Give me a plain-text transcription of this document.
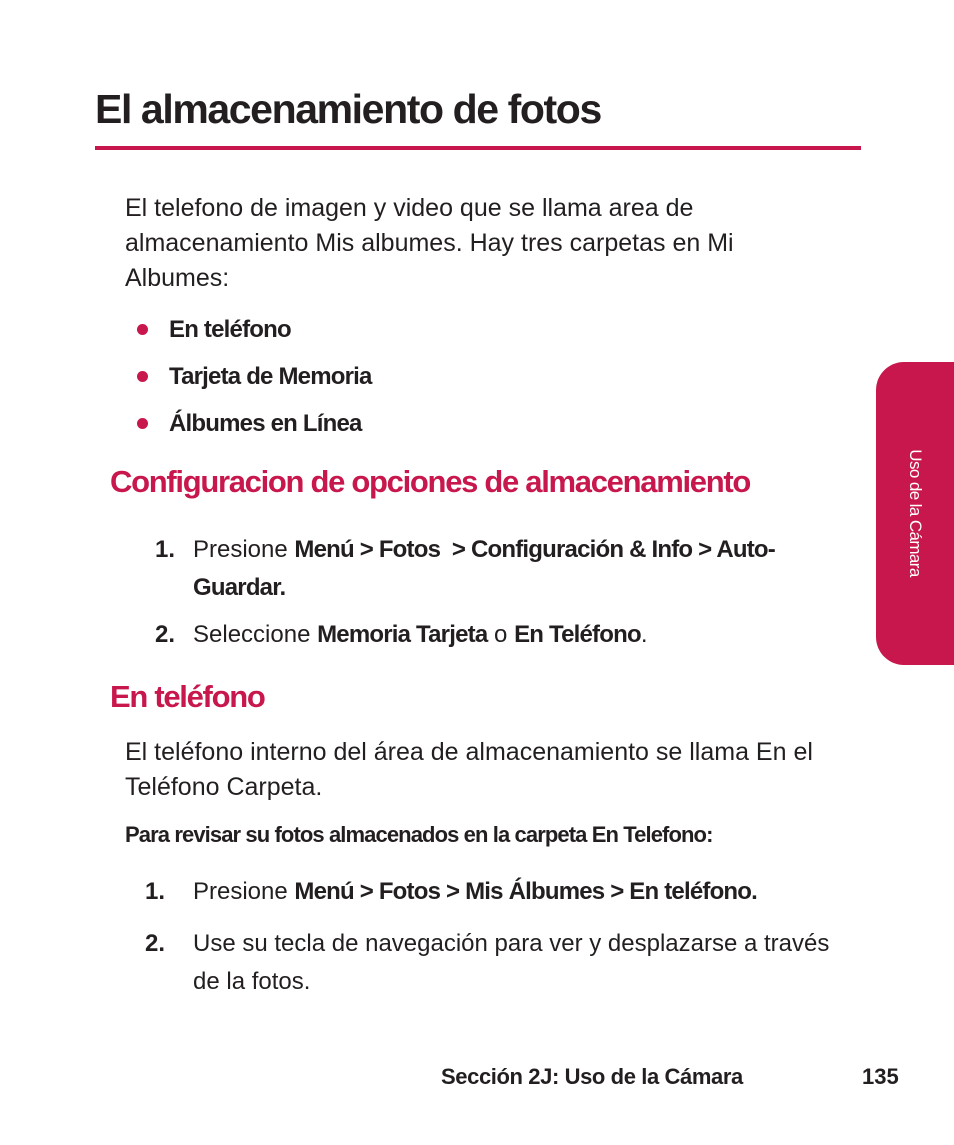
El almacenamiento de fotos

El telefono de imagen y video que se llama area de almacenamiento Mis albumes. Hay tres carpetas en Mi Albumes:

En teléfono
Tarjeta de Memoria
Álbumes en Línea
Configuracion de opciones de almacenamiento
1. Presione Menú > Fotos  > Configuración & Info > Auto-Guardar.
2. Seleccione Memoria Tarjeta o En Teléfono.
En teléfono

El teléfono interno del área de almacenamiento se llama En el Teléfono Carpeta.

Para revisar su fotos almacenados en la carpeta En Telefono:

1.	Presione Menú > Fotos > Mis Álbumes > En teléfono.
2.	Use su tecla de navegación para ver y desplazarse a través de la fotos.
Uso de la Cámara
Sección 2J: Uso de la Cámara	135
